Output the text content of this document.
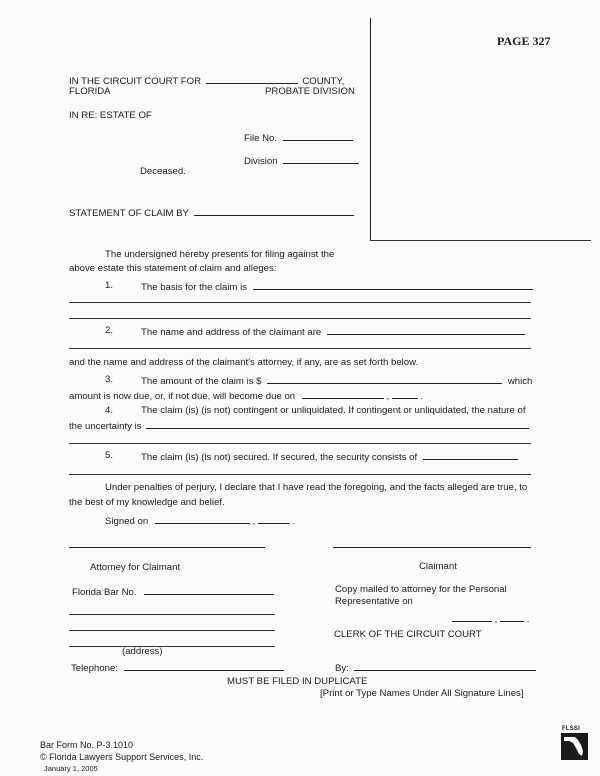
PAGE 327
IN THE CIRCUIT COURT FOR	COUNTY,
FLORIDA	PROBATE DIVISION
IN RE: ESTATE OF
File No.
Division
Deceased.
STATEMENT OF CLAIM BY
The undersigned hereby presents for filing against the
above estate this statement of claim and alleges:
1.	The basis for the claim is
2.	The name and address of the claimant are
and the name and address of the claimant's attorney, if any, are as set forth below.
3.	The amount of the claim is $	which
amount is now due, or, if not due, will become due on	,	.
4.	The claim (is) (is not) contingent or unliquidated. If contingent or unliquidated, the nature of
the uncertainty is
5.	The claim (is) (is not) secured. If secured, the security consists of
Under penalties of perjury, I declare that I have read the foregoing, and the facts alleged are true, to
the best of my knowledge and belief.
Signed on	,	.
Attorney for Claimant	Claimant
Florida Bar No.	Copy mailed to attorney for the Personal
Representative on
,	.
(address)
CLERK OF THE CIRCUIT COURT
Telephone:	By:
MUST BE FILED IN DUPLICATE
[Print or Type Names Under All Signature Lines]
Bar Form No. P-3.1010
© Florida Lawyers Support Services, Inc.
January 1, 2005
FLSSI
